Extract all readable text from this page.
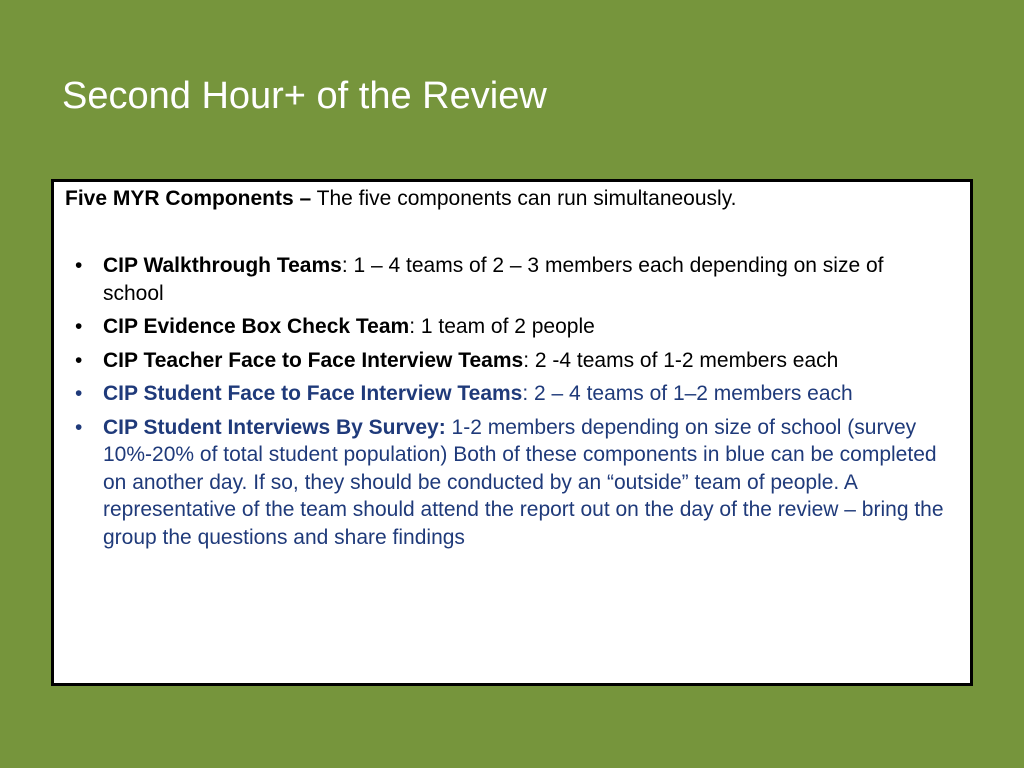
Second Hour+ of the Review

Five MYR Components – The five components can run simultaneously.

• CIP Walkthrough Teams: 1 – 4 teams of 2 – 3 members each depending on size of school
• CIP Evidence Box Check Team: 1 team of 2 people
• CIP Teacher Face to Face Interview Teams: 2 -4 teams of 1-2 members each
• CIP Student Face to Face Interview Teams: 2 – 4 teams of 1–2 members each
• CIP Student Interviews By Survey: 1-2 members depending on size of school (survey 10%-20% of total student population) Both of these components in blue can be completed on another day. If so, they should be conducted by an “outside” team of people. A representative of the team should attend the report out on the day of the review – bring the group the questions and share findings
